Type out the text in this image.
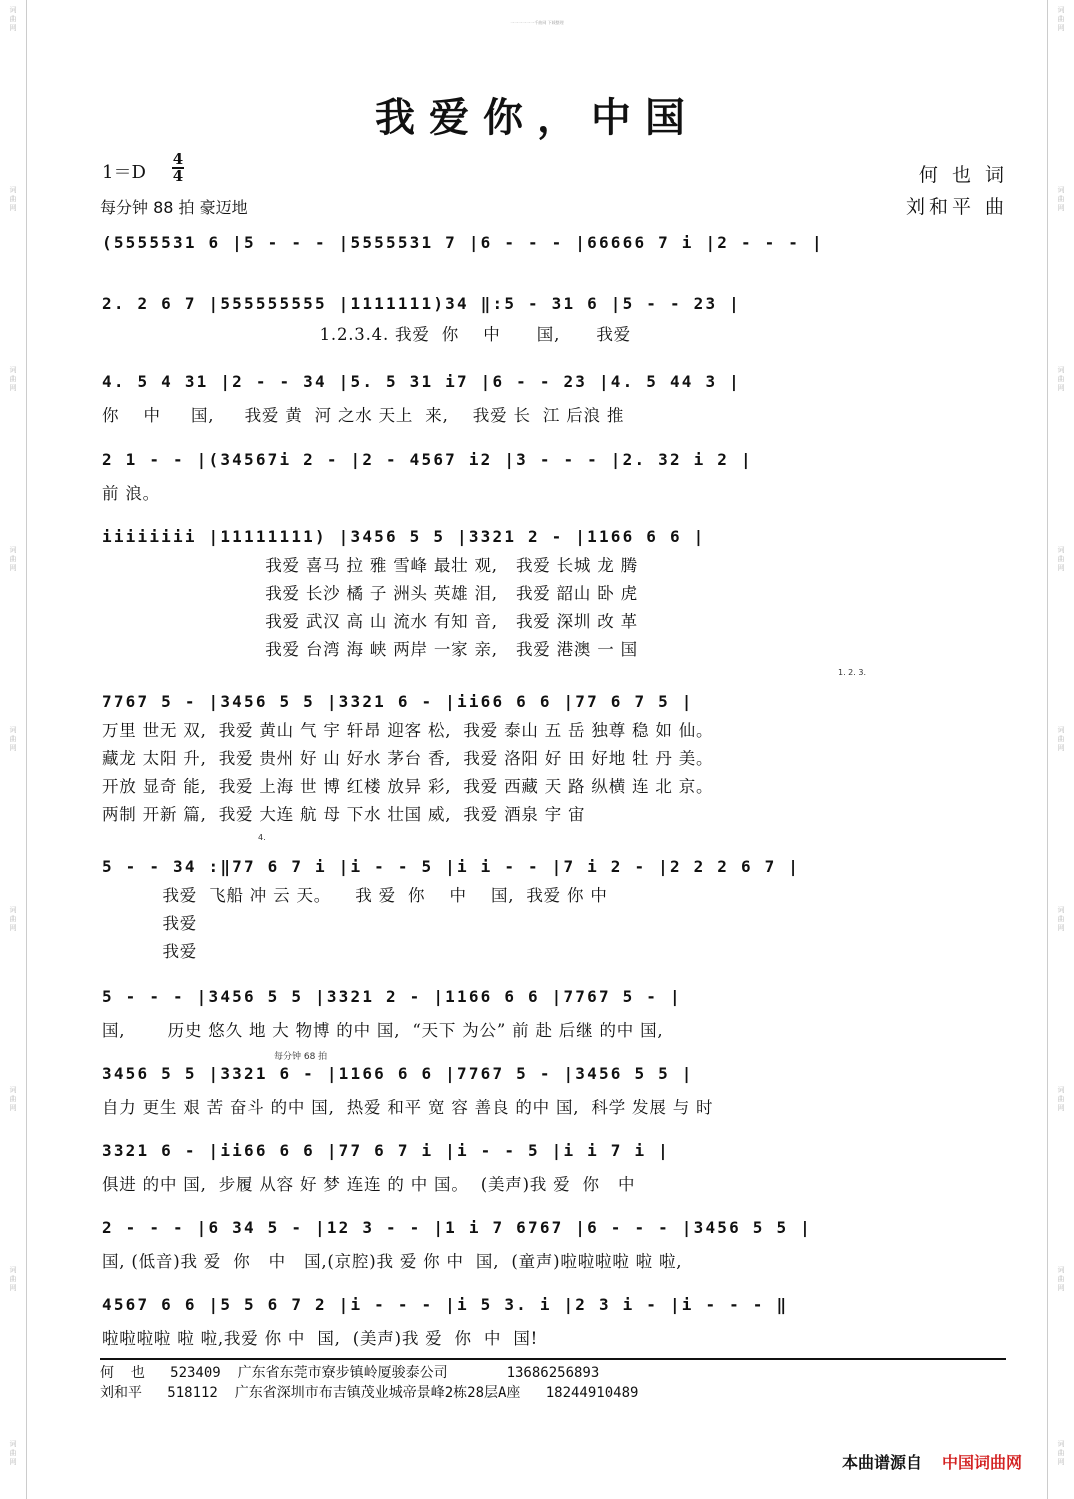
词
曲
网
词
曲
网
词
曲
网
词
曲
网
词
曲
网
词
曲
网
词
曲
网
词
曲
网
词
曲
网
词
曲
网
词
曲
网
词
曲
网
词
曲
网
词
曲
网
词
曲
网
词
曲
网
词
曲
网
词
曲
网
一一一一一一千曲网 下载整理
我爱你，中国
1＝D
4
4
每分钟 88 拍 豪迈地
何 也 词
刘和平 曲
(5555531 6 |5 - - - |5555531 7 |6 - - - |66666 7 i |2 - - - |
2. 2 6 7 |555555555 |1111111)34 ‖:5 - 31 6 |5 - - 23 |
1.2.3.4. 我爱  你    中      国,      我爱
4. 5 4 31 |2 - - 34 |5. 5 31 i7 |6 - - 23 |4. 5 44 3 |
你    中     国,     我爱 黄  河 之水 天上  来,    我爱 长  江 后浪 推
2 1 - - |(34567i 2 - |2 - 4567 i2 |3 - - - |2. 32 i 2 |
前 浪。
iiiiiiii |11111111) |3456 5 5 |3321 2 - |1166 6 6 |
我爱 喜马 拉 雅 雪峰 最壮 观,   我爱 长城 龙 腾
我爱 长沙 橘 子 洲头 英雄 泪,   我爱 韶山 卧 虎
我爱 武汉 高 山 流水 有知 音,   我爱 深圳 改 革
我爱 台湾 海 峡 两岸 一家 亲,   我爱 港澳 一 国
1. 2. 3.
7767 5 - |3456 5 5 |3321 6 - |ii66 6 6 |77 6 7 5 |
万里 世无 双,  我爱 黄山 气 宇 轩昂 迎客 松,  我爱 泰山 五 岳 独尊 稳 如 仙。
藏龙 太阳 升,  我爱 贵州 好 山 好水 茅台 香,  我爱 洛阳 好 田 好地 牡 丹 美。
开放 显奇 能,  我爱 上海 世 博 红楼 放异 彩,  我爱 西藏 天 路 纵横 连 北 京。
两制 开新 篇,  我爱 大连 航 母 下水 壮国 威,  我爱 酒泉 宇 宙
4.
5 - - 34 :‖77 6 7 i |i - - 5 |i i - - |7 i 2 - |2 2 2 6 7 |
我爱  飞船 冲 云 天。    我 爱  你    中    国,  我爱 你 中
我爱
我爱
5 - - - |3456 5 5 |3321 2 - |1166 6 6 |7767 5 - |
国,       历史 悠久 地 大 物博 的中 国,  “天下 为公” 前 赴 后继 的中 国,
每分钟 68 拍
3456 5 5 |3321 6 - |1166 6 6 |7767 5 - |3456 5 5 |
自力 更生 艰 苦 奋斗 的中 国,  热爱 和平 宽 容 善良 的中 国,  科学 发展 与 时
3321 6 - |ii66 6 6 |77 6 7 i |i - - 5 |i i 7 i |
俱进 的中 国,  步履 从容 好 梦 连连 的 中 国。  (美声)我 爱  你   中
2 - - - |6 34 5 - |12 3 - - |1 i 7 6767 |6 - - - |3456 5 5 |
国, (低音)我 爱  你   中   国,(京腔)我 爱 你 中  国,  (童声)啦啦啦啦 啦 啦,
4567 6 6 |5 5 6 7 2 |i - - - |i 5 3. i |2 3 i - |i - - - ‖
啦啦啦啦 啦 啦,我爱 你 中  国,  (美声)我 爱  你  中  国!
何  也   523409  广东省东莞市寮步镇岭厦骏泰公司       13686256893
刘和平   518112  广东省深圳市布吉镇茂业城帝景峰2栋28层A座   18244910489
本曲谱源自 中国词曲网
